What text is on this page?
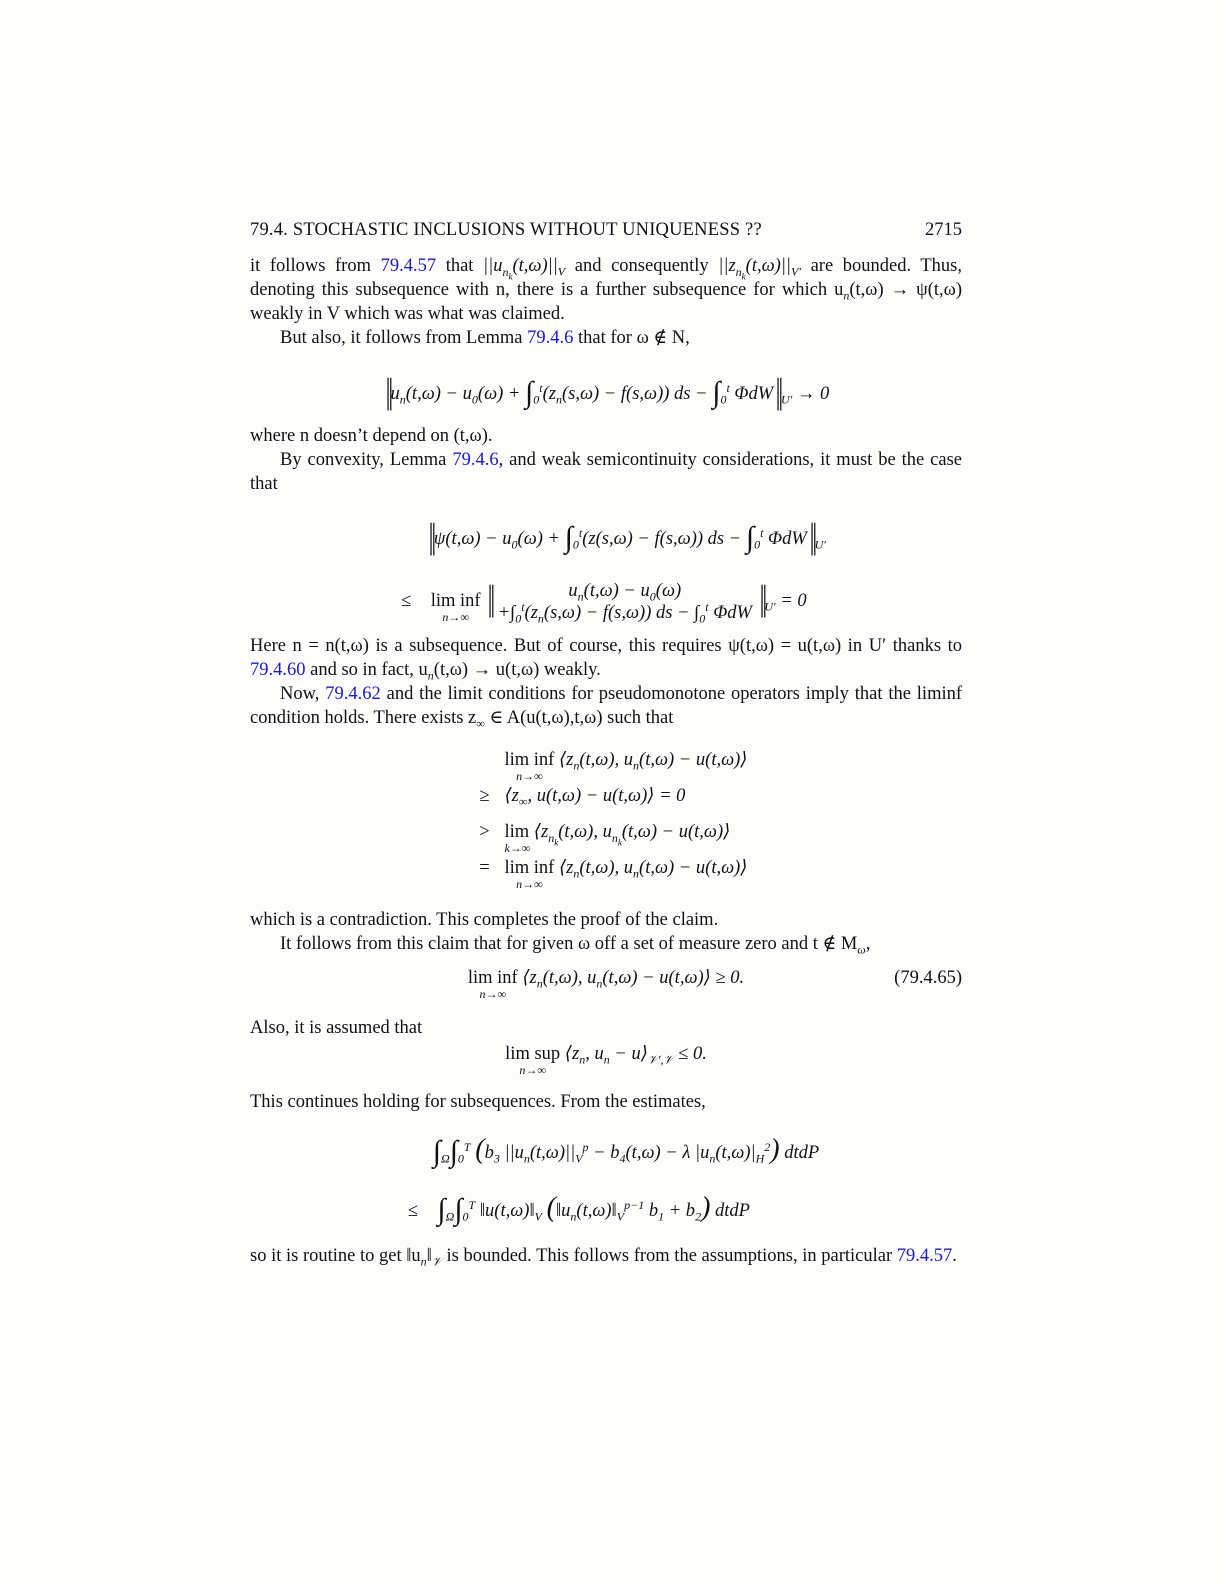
79.4. STOCHASTIC INCLUSIONS WITHOUT UNIQUENESS ??	2715

it follows from 79.4.57 that $||u_{n_k}(t,\omega)||_V$ and consequently $||z_{n_k}(t,\omega)||_{V'}$ are bounded. Thus, denoting this subsequence with n, there is a further subsequence for which $u_n(t,\omega) \to \psi(t,\omega)$ weakly in V which was what was claimed.

But also, it follows from Lemma 79.4.6 that for ω ∉ N,

$||u_n(t,\omega) - u_0(\omega) + \int_0^t(z_n(s,\omega) - f(s,\omega))$ ds − $\int_0^t$ $\Phi dW||_{U'} \to 0$

where n doesn’t depend on (t,ω).

By convexity, Lemma 79.4.6, and weak semicontinuity considerations, it must be the case that

$||\psi(t,\omega) - u_0(\omega) + \int_0^t(z(s,\omega) - f(s,\omega))$ ds − $\int_0^t$ $\Phi dW||_{U'}$
≤ lim inf
n→∞ ||	$u_n(t,\omega) - u_0(\omega)$
$+\int_0^t(z_n(s,\omega) - f(s,\omega))$ ds − $\int_0^t$ ΦdW $||_{U'} = 0$

Here n = n(t,ω) is a subsequence. But of course, this requires ψ(t,ω) = u(t,ω) in U′ thanks to 79.4.60 and so in fact, $u_n(t,\omega) \to u(t,\omega)$ weakly.

Now, 79.4.62 and the limit conditions for pseudomonotone operators imply that the liminf condition holds. There exists $z_\infty$ ∈ A(u(t,ω),t,ω) such that

lim inf
n→∞
$⟨z_n(t,\omega)$, $u_n(t,\omega)$ − u(t,ω)⟩
≥ $⟨z_\infty$, u(t,ω) − u(t,ω)⟩ = 0
> lim
k→∞
$⟨z_{n_k}(t,\omega)$, $u_{n_k}(t,\omega)$ − u(t,ω)⟩
= lim inf
n→∞
$⟨z_n(t,\omega)$, $u_n(t,\omega)$ − u(t,ω)⟩

which is a contradiction. This completes the proof of the claim.

It follows from this claim that for given ω off a set of measure zero and t ∉ $M_\omega$,

lim inf
n→∞
$⟨z_n(t,\omega)$, $u_n(t,\omega)$ − u(t,ω)⟩ ≥ 0.	(79.4.65)

Also, it is assumed that

lim sup
n→∞
$⟨z_n$, $u_n$ − $u⟩_{𝒱',𝒱} \le 0$.

This continues holding for subsequences. From the estimates,

$\int_\Omega\int_0^T$ ($b_3$ $||u_n(t,\omega)||_V^p - b_4(t,\omega) - \lambda$ $|u_n(t,\omega)|_H^2$) dtdP
≤ $\int_\Omega\int_0^T$ $‖u(t,\omega)‖_V$ ($‖u_n(t,\omega)‖_V^{p-1}$ $b_1 + b_2$) dtdP

so it is routine to get $‖u_n‖_𝒱$ is bounded. This follows from the assumptions, in particular 79.4.57.
